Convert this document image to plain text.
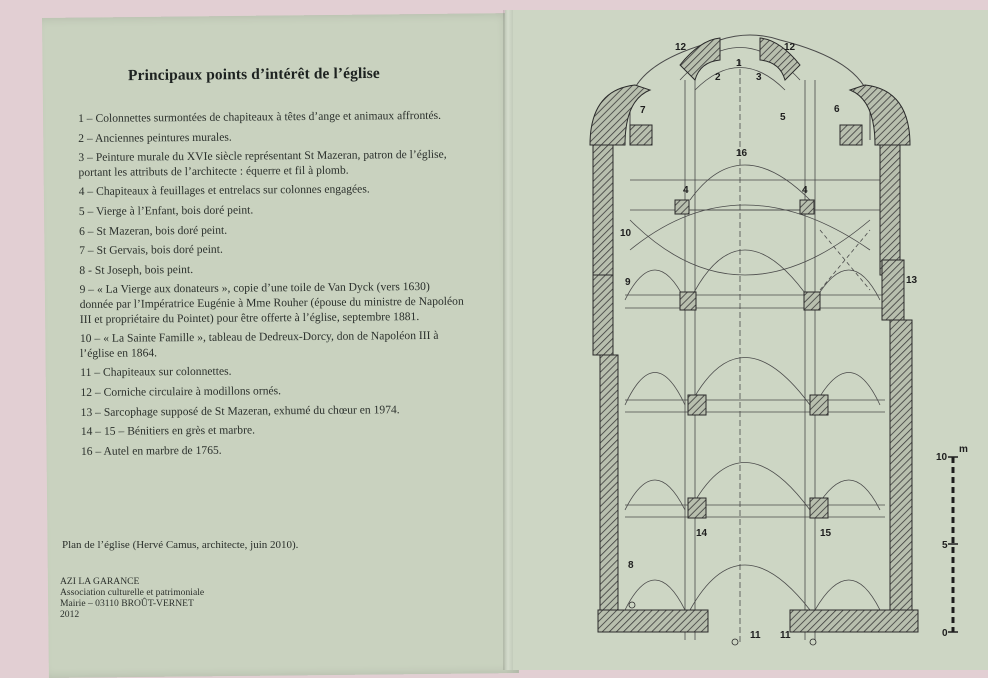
Principaux points d’intérêt de l’église
1 – Colonnettes surmontées de chapiteaux à têtes d’ange et animaux affrontés.
2 – Anciennes peintures murales.
3 – Peinture murale du XVIe siècle représentant St Mazeran, patron de l’église, portant les attributs de l’architecte : équerre et fil à plomb.
4 – Chapiteaux à feuillages et entrelacs sur colonnes engagées.
5 – Vierge à l’Enfant, bois doré peint.
6 – St Mazeran, bois doré peint.
7 – St Gervais, bois doré peint.
8 - St Joseph, bois peint.
9 – « La Vierge aux donateurs », copie d’une toile de Van Dyck (vers 1630) donnée par l’Impératrice Eugénie à Mme Rouher (épouse du ministre de Napoléon III et propriétaire du Pointet) pour être offerte à l’église, septembre 1881.
10 – « La Sainte Famille », tableau de Dedreux-Dorcy, don de Napoléon III à l’église en 1864.
11 – Chapiteaux sur colonnettes.
12 – Corniche circulaire à modillons ornés.
13 – Sarcophage supposé de St Mazeran, exhumé du chœur en 1974.
14 – 15 – Bénitiers en grès et marbre.
16 – Autel en marbre de 1765.
Plan de l’église (Hervé Camus, architecte, juin 2010).
AZI LA GARANCE
Association culturelle et patrimoniale
Mairie – 03110 BROÛT-VERNET
2012
12	12
1
2	3
7	6
5
16
4	4
10
9	13
14	15
8
11 11
10
m
5
0
